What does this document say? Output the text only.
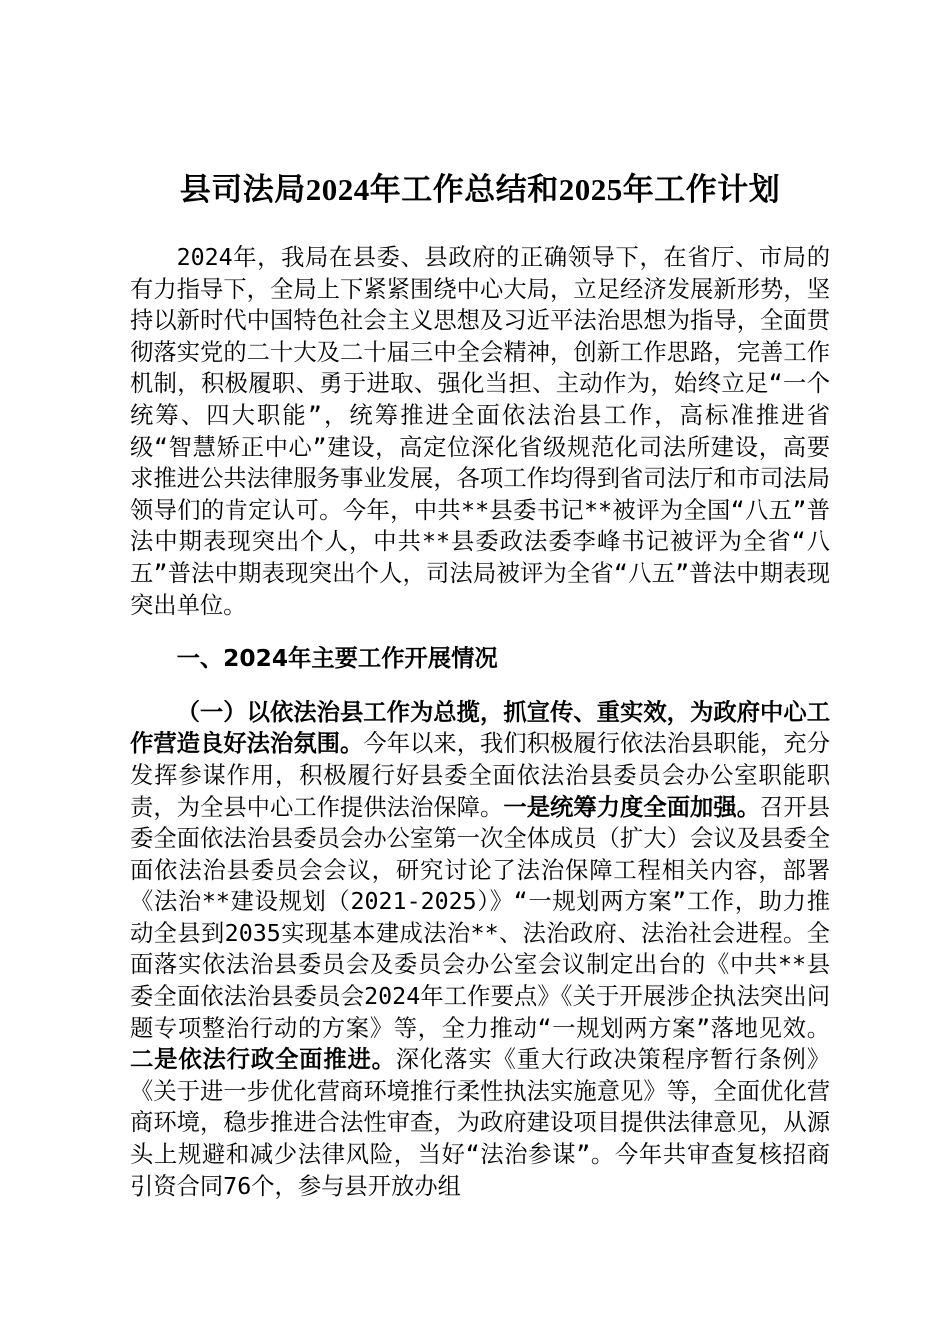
县司法局2024年工作总结和2025年工作计划

2024年，我局在县委、县政府的正确领导下，在省厅、市局的有力指导下，全局上下紧紧围绕中心大局，立足经济发展新形势，坚持以新时代中国特色社会主义思想及习近平法治思想为指导，全面贯彻落实党的二十大及二十届三中全会精神，创新工作思路，完善工作机制，积极履职、勇于进取、强化当担、主动作为，始终立足“一个统筹、四大职能”，统筹推进全面依法治县工作，高标准推进省级“智慧矫正中心”建设，高定位深化省级规范化司法所建设，高要求推进公共法律服务事业发展，各项工作均得到省司法厅和市司法局领导们的肯定认可。今年，中共**县委书记**被评为全国“八五”普法中期表现突出个人，中共**县委政法委李峰书记被评为全省“八五”普法中期表现突出个人，司法局被评为全省“八五”普法中期表现突出单位。

一、2024年主要工作开展情况

（一）以依法治县工作为总揽，抓宣传、重实效，为政府中心工作营造良好法治氛围。今年以来，我们积极履行依法治县职能，充分发挥参谋作用，积极履行好县委全面依法治县委员会办公室职能职责，为全县中心工作提供法治保障。一是统筹力度全面加强。召开县委全面依法治县委员会办公室第一次全体成员（扩大）会议及县委全面依法治县委员会会议，研究讨论了法治保障工程相关内容，部署《法治**建设规划（2021-2025）》“一规划两方案”工作，助力推动全县到2035实现基本建成法治**、法治政府、法治社会进程。全面落实依法治县委员会及委员会办公室会议制定出台的《中共**县委全面依法治县委员会2024年工作要点》《关于开展涉企执法突出问题专项整治行动的方案》等，全力推动“一规划两方案”落地见效。二是依法行政全面推进。深化落实《重大行政决策程序暂行条例》《关于进一步优化营商环境推行柔性执法实施意见》等，全面优化营商环境，稳步推进合法性审查，为政府建设项目提供法律意见，从源头上规避和减少法律风险，当好“法治参谋”。今年共审查复核招商引资合同76个，参与县开放办组
